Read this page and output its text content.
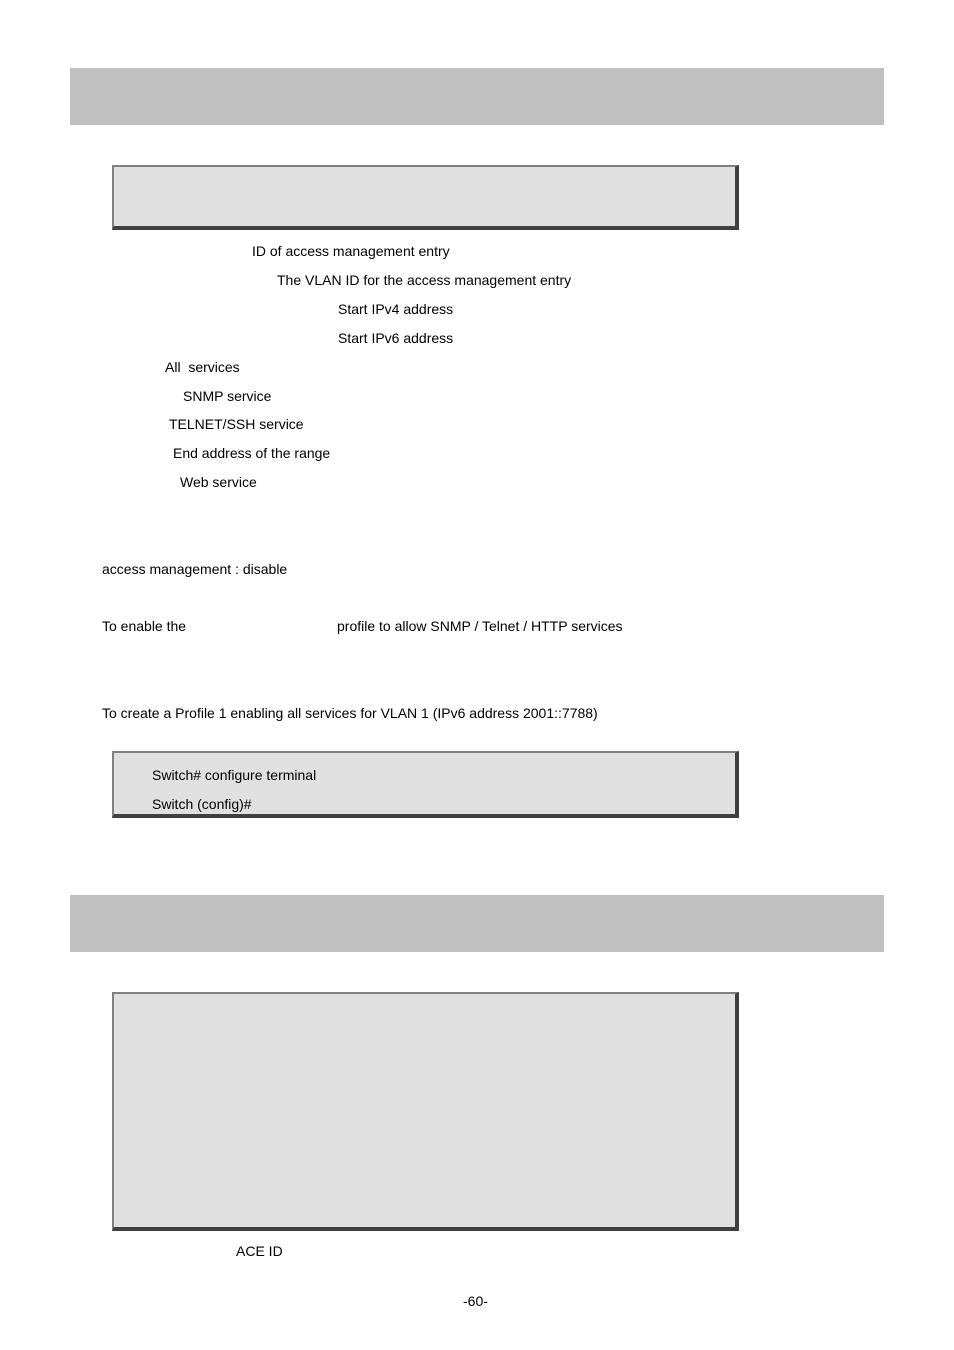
ID of access management entry
The VLAN ID for the access management entry
Start IPv4 address
Start IPv6 address
All  services
SNMP service
TELNET/SSH service
End address of the range
Web service
access management : disable
To enable the	profile to allow SNMP / Telnet / HTTP services
To create a Profile 1 enabling all services for VLAN 1 (IPv6 address 2001::7788)
Switch# configure terminal
Switch (config)#
ACE ID
-60-
